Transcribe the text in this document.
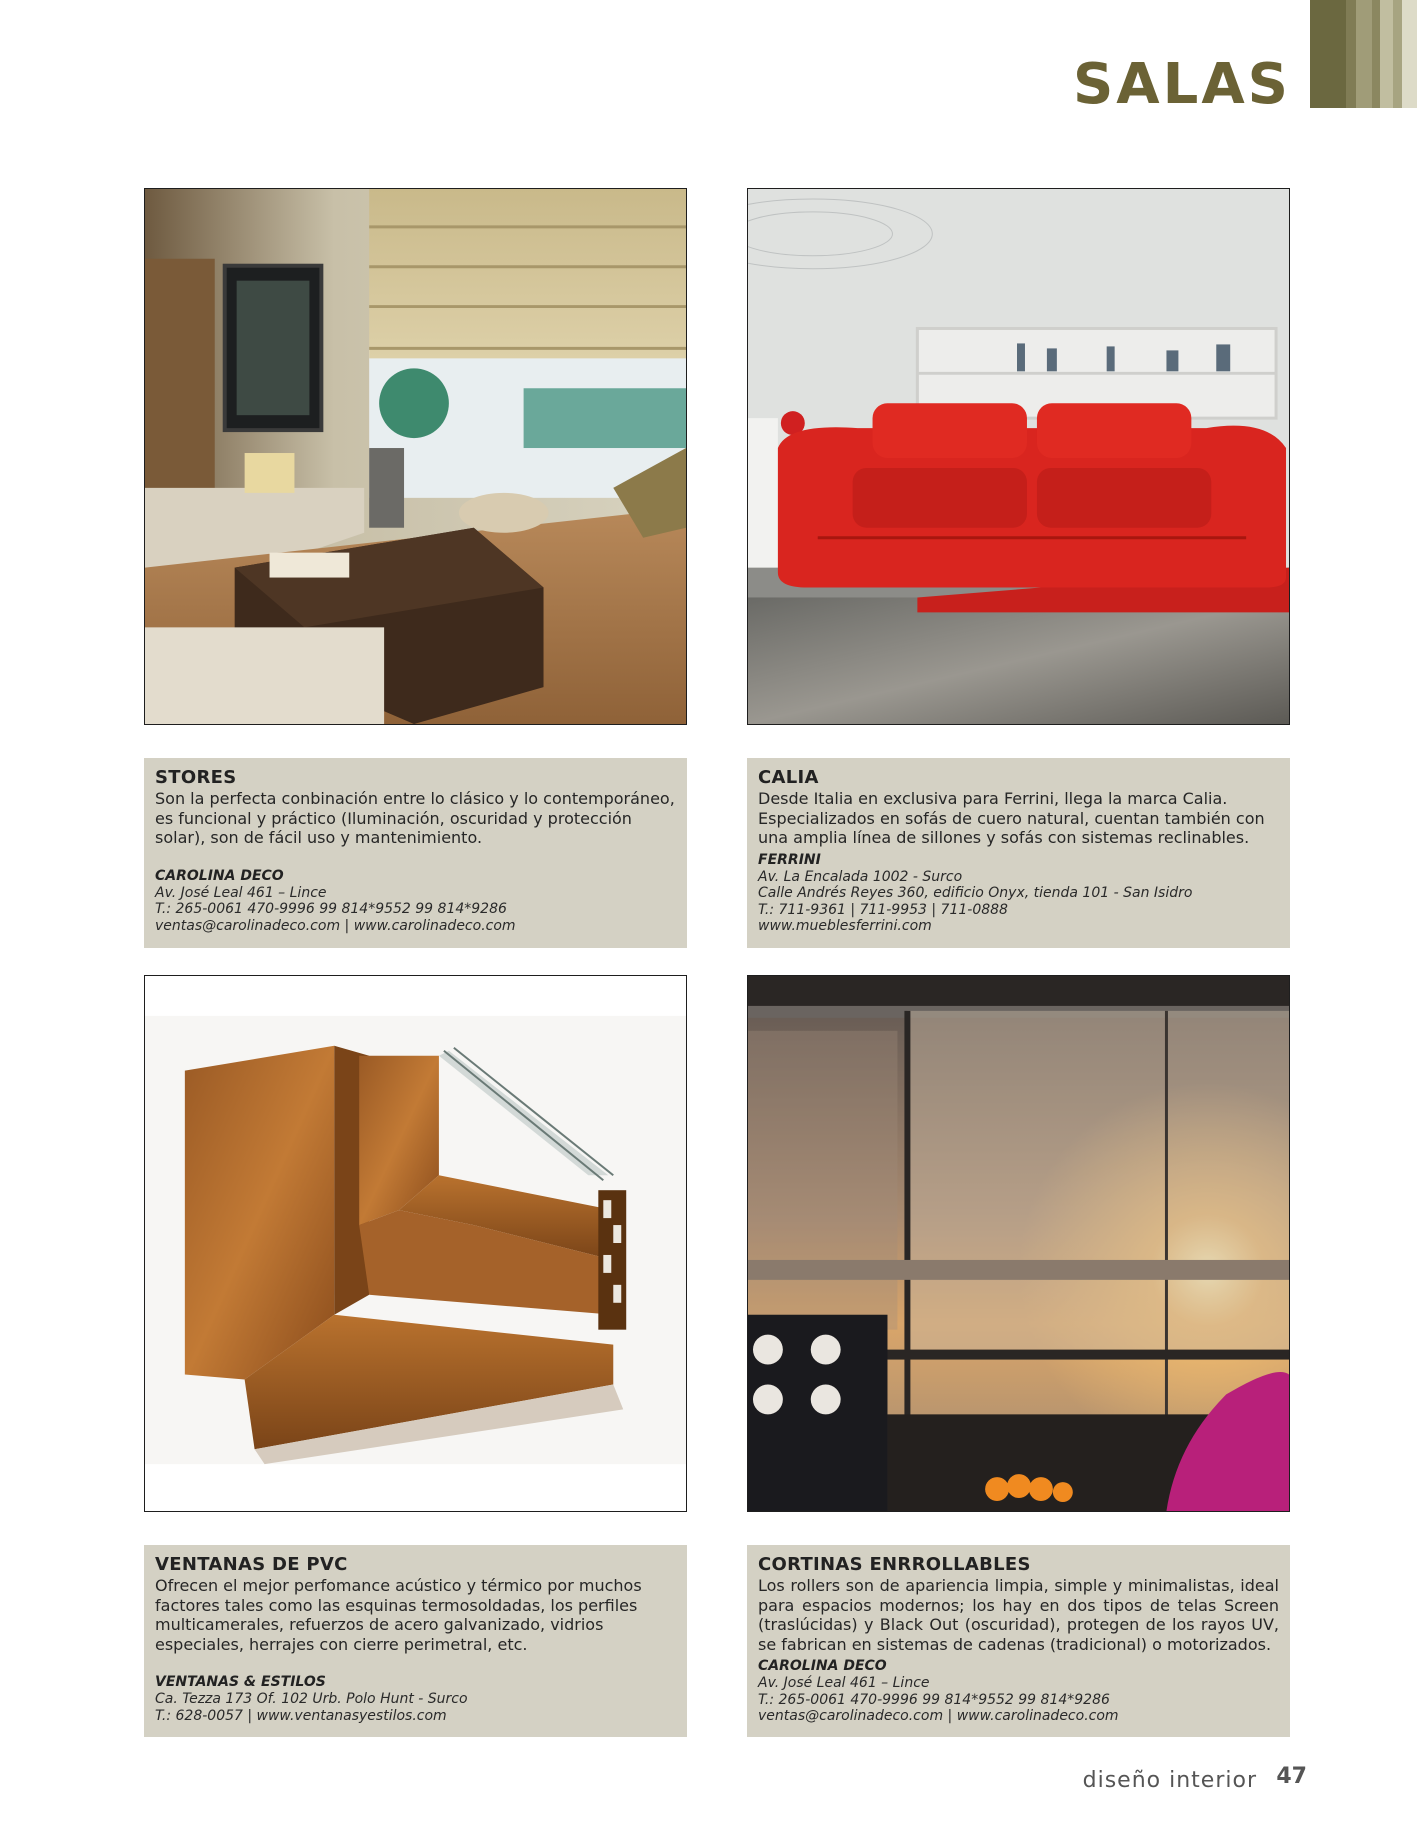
SALAS
STORES

Son la perfecta conbinación entre lo clásico y lo contemporáneo, es funcional y práctico (Iluminación, oscuridad y protección solar), son de fácil uso y mantenimiento.

CAROLINA DECO
Av. José Leal 461 – Lince
T.: 265-0061 470-9996 99 814*9552 99 814*9286
ventas@carolinadeco.com | www.carolinadeco.com
CALIA

Desde Italia en exclusiva para Ferrini, llega la marca Calia. Especializados en sofás de cuero natural, cuentan también con una amplia línea de sillones y sofás con sistemas reclinables.

FERRINI
Av. La Encalada 1002 - Surco
Calle Andrés Reyes 360, edificio Onyx, tienda 101 - San Isidro
T.: 711-9361 | 711-9953 | 711-0888
www.mueblesferrini.com
VENTANAS DE PVC

Ofrecen el mejor perfomance acústico y térmico por muchos factores tales como las esquinas termosoldadas, los perfiles multicamerales, refuerzos de acero galvanizado, vidrios especiales, herrajes con cierre perimetral, etc.

VENTANAS & ESTILOS
Ca. Tezza 173 Of. 102 Urb. Polo Hunt - Surco
T.: 628-0057 | www.ventanasyestilos.com
CORTINAS ENRROLLABLES

Los rollers son de apariencia limpia, simple y minimalistas, ideal para espacios modernos; los hay en dos tipos de telas Screen (traslúcidas) y Black Out (oscuridad), protegen de los rayos UV, se fabrican en sistemas de cadenas (tradicional) o motorizados.

CAROLINA DECO
Av. José Leal 461 – Lince
T.: 265-0061 470-9996 99 814*9552 99 814*9286
ventas@carolinadeco.com | www.carolinadeco.com
diseño interior 47
